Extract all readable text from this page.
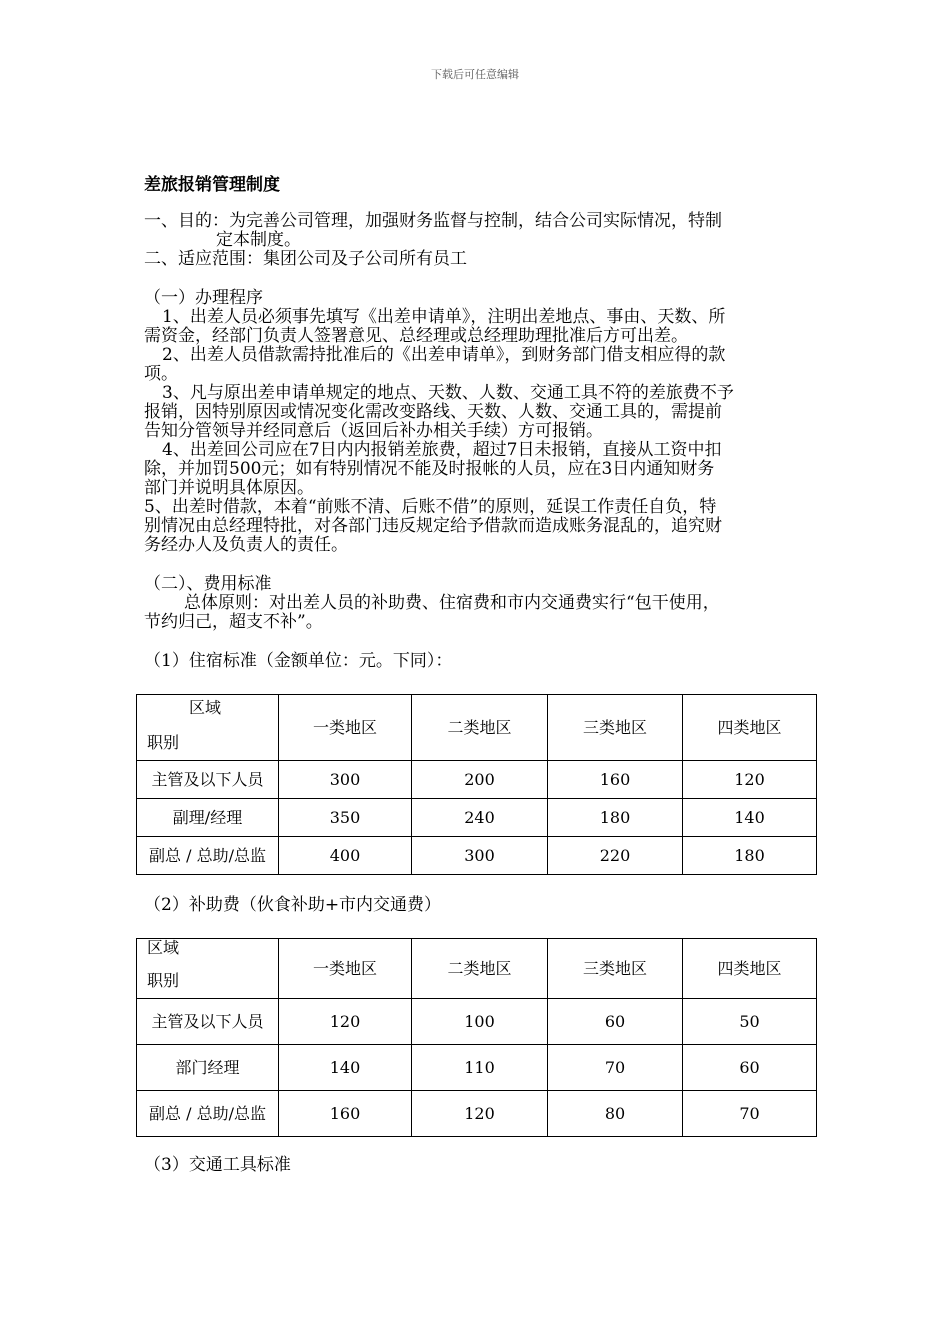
下载后可任意编辑
差旅报销管理制度
一、目的：为完善公司管理，加强财务监督与控制，结合公司实际情况，特制
定本制度。
二、适应范围：集团公司及子公司所有员工
（一）办理程序
1、出差人员必须事先填写《出差申请单》，注明出差地点、事由、天数、所
需资金，经部门负责人签署意见、总经理或总经理助理批准后方可出差。
2、出差人员借款需持批准后的《出差申请单》，到财务部门借支相应得的款
项。
3、凡与原出差申请单规定的地点、天数、人数、交通工具不符的差旅费不予
报销，因特别原因或情况变化需改变路线、天数、人数、交通工具的，需提前
告知分管领导并经同意后（返回后补办相关手续）方可报销。
4、出差回公司应在7日内内报销差旅费，超过7日未报销，直接从工资中扣
除，并加罚500元；如有特别情况不能及时报帐的人员，应在3日内通知财务
部门并说明具体原因。
5、出差时借款，本着“前账不清、后账不借”的原则，延误工作责任自负，特
别情况由总经理特批，对各部门违反规定给予借款而造成账务混乱的，追究财
务经办人及负责人的责任。
（二）、费用标准
总体原则：对出差人员的补助费、住宿费和市内交通费实行“包干使用，
节约归己，超支不补”。
（1）住宿标准（金额单位：元。下同）：
区域
职别	一类地区	二类地区	三类地区	四类地区

主管及以下人员	300	200	160	120
副理/经理	350	240	180	140

副总 / 总助/总监	400	300	220	180
（2）补助费（伙食补助+市内交通费）
区域
职别	一类地区	二类地区	三类地区	四类地区

主管及以下人员	120	100	60	50
部门经理	140	110	70	60

副总 / 总助/总监	160	120	80	70
（3）交通工具标准
